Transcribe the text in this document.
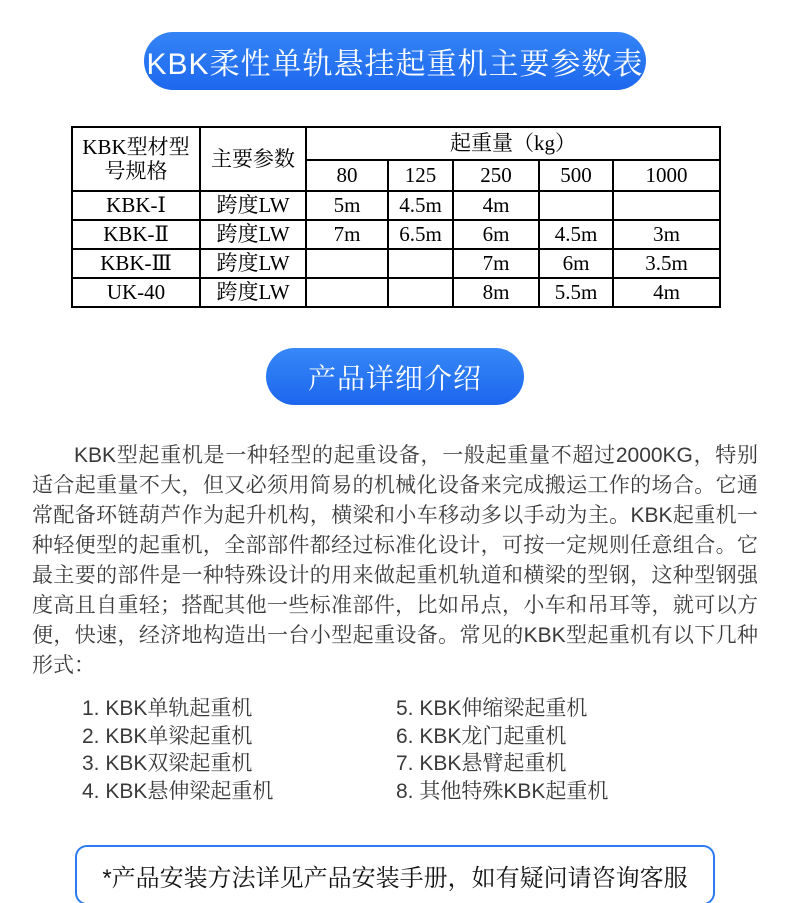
KBK柔性单轨悬挂起重机主要参数表
KBK型材型号规格	主要参数	起重量（kg）				
		80	125	250	500	1000
KBK-Ⅰ	跨度LW	5m	4.5m	4m		
KBK-Ⅱ	跨度LW	7m	6.5m	6m	4.5m	3m
KBK-Ⅲ	跨度LW			7m	6m	3.5m
UK-40	跨度LW			8m	5.5m	4m
产品详细介绍

KBK型起重机是一种轻型的起重设备，一般起重量不超过2000KG，特别适合起重量不大，但又必须用简易的机械化设备来完成搬运工作的场合。它通常配备环链葫芦作为起升机构，横梁和小车移动多以手动为主。KBK起重机一种轻便型的起重机，全部部件都经过标准化设计，可按一定规则任意组合。它最主要的部件是一种特殊设计的用来做起重机轨道和横梁的型钢，这种型钢强度高且自重轻；搭配其他一些标准部件，比如吊点，小车和吊耳等，就可以方便，快速，经济地构造出一台小型起重设备。常见的KBK型起重机有以下几种形式：

1. KBK单轨起重机
2. KBK单梁起重机
3. KBK双梁起重机
4. KBK悬伸梁起重机
5. KBK伸缩梁起重机
6. KBK龙门起重机
7. KBK悬臂起重机
8. 其他特殊KBK起重机
*产品安装方法详见产品安装手册，如有疑问请咨询客服
